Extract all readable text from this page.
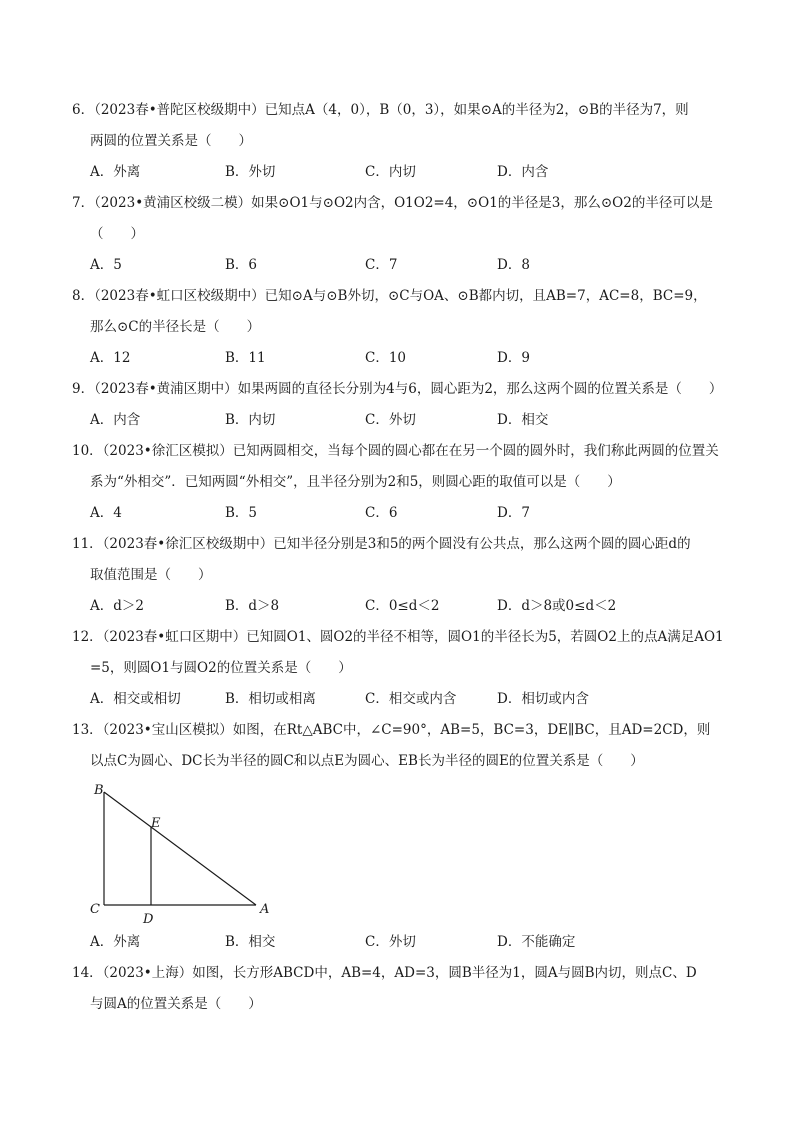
6．（2023春•普陀区校级期中）已知点A（4，0），B（0，3），如果⊙A的半径为2，⊙B的半径为7，则
两圆的位置关系是（　　）
A．外离	B．外切	C．内切	D．内含
7．（2023•黄浦区校级二模）如果⊙O1与⊙O2内含，O1O2=4，⊙O1的半径是3，那么⊙O2的半径可以是
（　　）
A．5	B．6	C．7	D．8
8．（2023春•虹口区校级期中）已知⊙A与⊙B外切，⊙C与OA、⊙B都内切，且AB=7，AC=8，BC=9，
那么⊙C的半径长是（　　）
A．12	B．11	C．10	D．9
9．（2023春•黄浦区期中）如果两圆的直径长分别为4与6，圆心距为2，那么这两个圆的位置关系是（　　）
A．内含	B．内切	C．外切	D．相交
10．（2023•徐汇区模拟）已知两圆相交，当每个圆的圆心都在在另一个圆的圆外时，我们称此两圆的位置关
系为“外相交”．已知两圆“外相交”，且半径分别为2和5，则圆心距的取值可以是（　　）
A．4	B．5	C．6	D．7
11．（2023春•徐汇区校级期中）已知半径分别是3和5的两个圆没有公共点，那么这两个圆的圆心距d的
取值范围是（　　）
A．d＞2	B．d＞8	C．0≤d＜2	D．d＞8或0≤d＜2
12．（2023春•虹口区期中）已知圆O1、圆O2的半径不相等，圆O1的半径长为5，若圆O2上的点A满足AO1
=5，则圆O1与圆O2的位置关系是（　　）
A．相交或相切	B．相切或相离	C．相交或内含	D．相切或内含
13．（2023•宝山区模拟）如图，在Rt△ABC中，∠C=90°，AB=5，BC=3，DE∥BC，且AD=2CD，则
以点C为圆心、DC长为半径的圆C和以点E为圆心、EB长为半径的圆E的位置关系是（　　）
B
E
C
D
A
A．外离	B．相交	C．外切	D．不能确定
14．（2023•上海）如图，长方形ABCD中，AB=4，AD=3，圆B半径为1，圆A与圆B内切，则点C、D
与圆A的位置关系是（　　）
